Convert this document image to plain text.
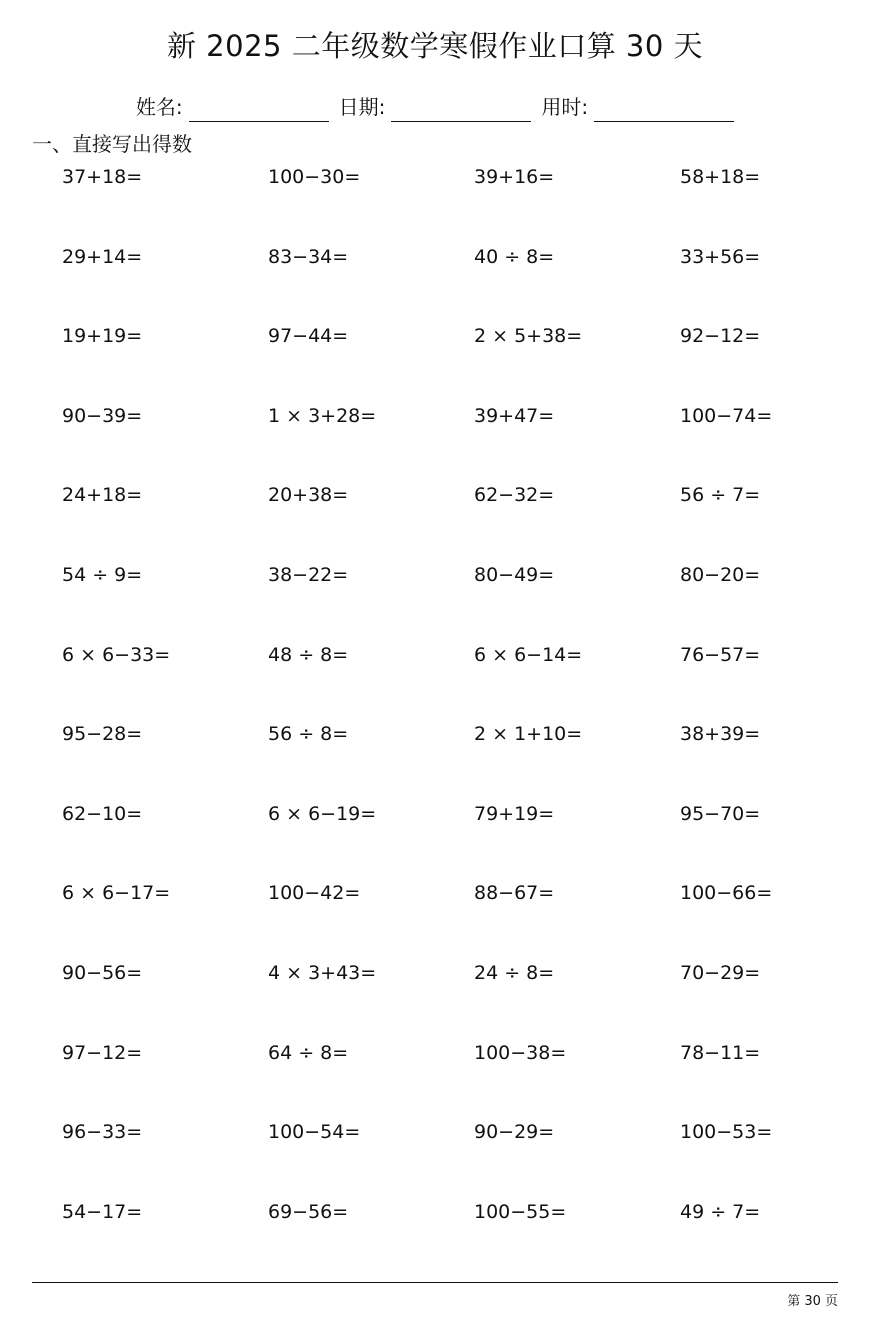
新 2025 二年级数学寒假作业口算 30 天
姓名:	日期:	用时:
一、直接写出得数
37+18=	100−30=	39+16=	58+18=
29+14=	83−34=	40 ÷ 8=	33+56=
19+19=	97−44=	2 × 5+38=	92−12=
90−39=	1 × 3+28=	39+47=	100−74=
24+18=	20+38=	62−32=	56 ÷ 7=
54 ÷ 9=	38−22=	80−49=	80−20=
6 × 6−33=	48 ÷ 8=	6 × 6−14=	76−57=
95−28=	56 ÷ 8=	2 × 1+10=	38+39=
62−10=	6 × 6−19=	79+19=	95−70=
6 × 6−17=	100−42=	88−67=	100−66=
90−56=	4 × 3+43=	24 ÷ 8=	70−29=
97−12=	64 ÷ 8=	100−38=	78−11=
96−33=	100−54=	90−29=	100−53=
54−17=	69−56=	100−55=	49 ÷ 7=
第 30 页
